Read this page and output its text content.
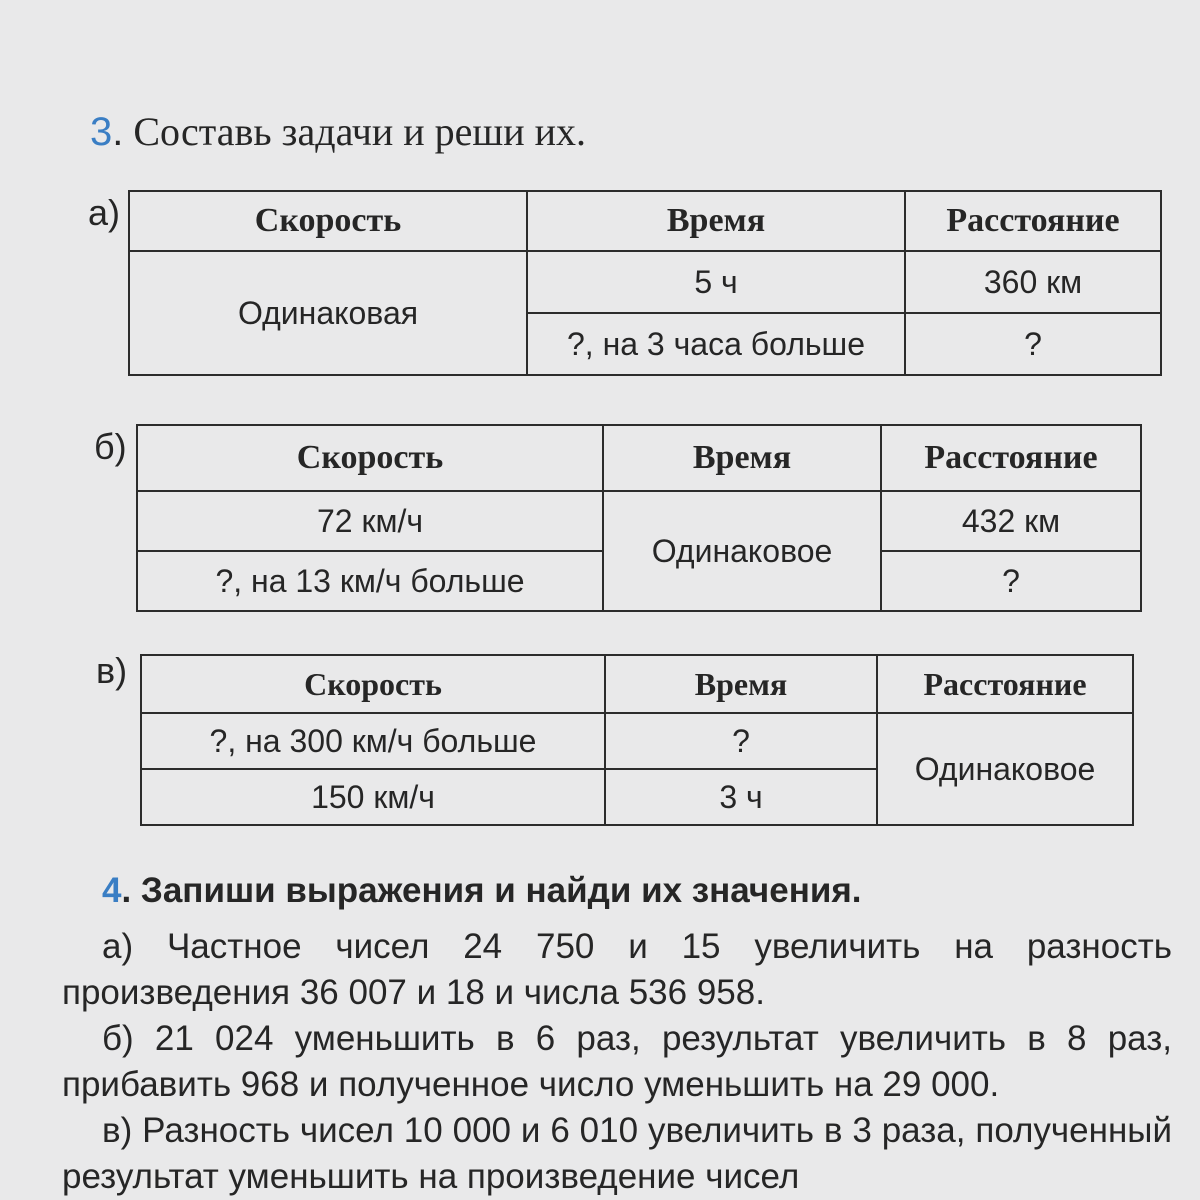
3. Составь задачи и реши их.
а)	Скорость	Время	Расстояние
Одинаковая	5 ч	360 км
	?, на 3 часа больше	?
б)	Скорость	Время	Расстояние
72 км/ч	Одинаковое	432 км
?, на 13 км/ч больше		?
в)	Скорость	Время	Расстояние
?, на 300 км/ч больше	?	Одинаковое
150 км/ч	3 ч	
4. Запиши выражения и найди их значения.

а) Частное чисел 24 750 и 15 увеличить на разность произведения 36 007 и 18 и числа 536 958.

б) 21 024 уменьшить в 6 раз, результат увеличить в 8 раз, прибавить 968 и полученное число уменьшить на 29 000.

в) Разность чисел 10 000 и 6 010 увеличить в 3 раза, полученный результат уменьшить на произведение чисел
